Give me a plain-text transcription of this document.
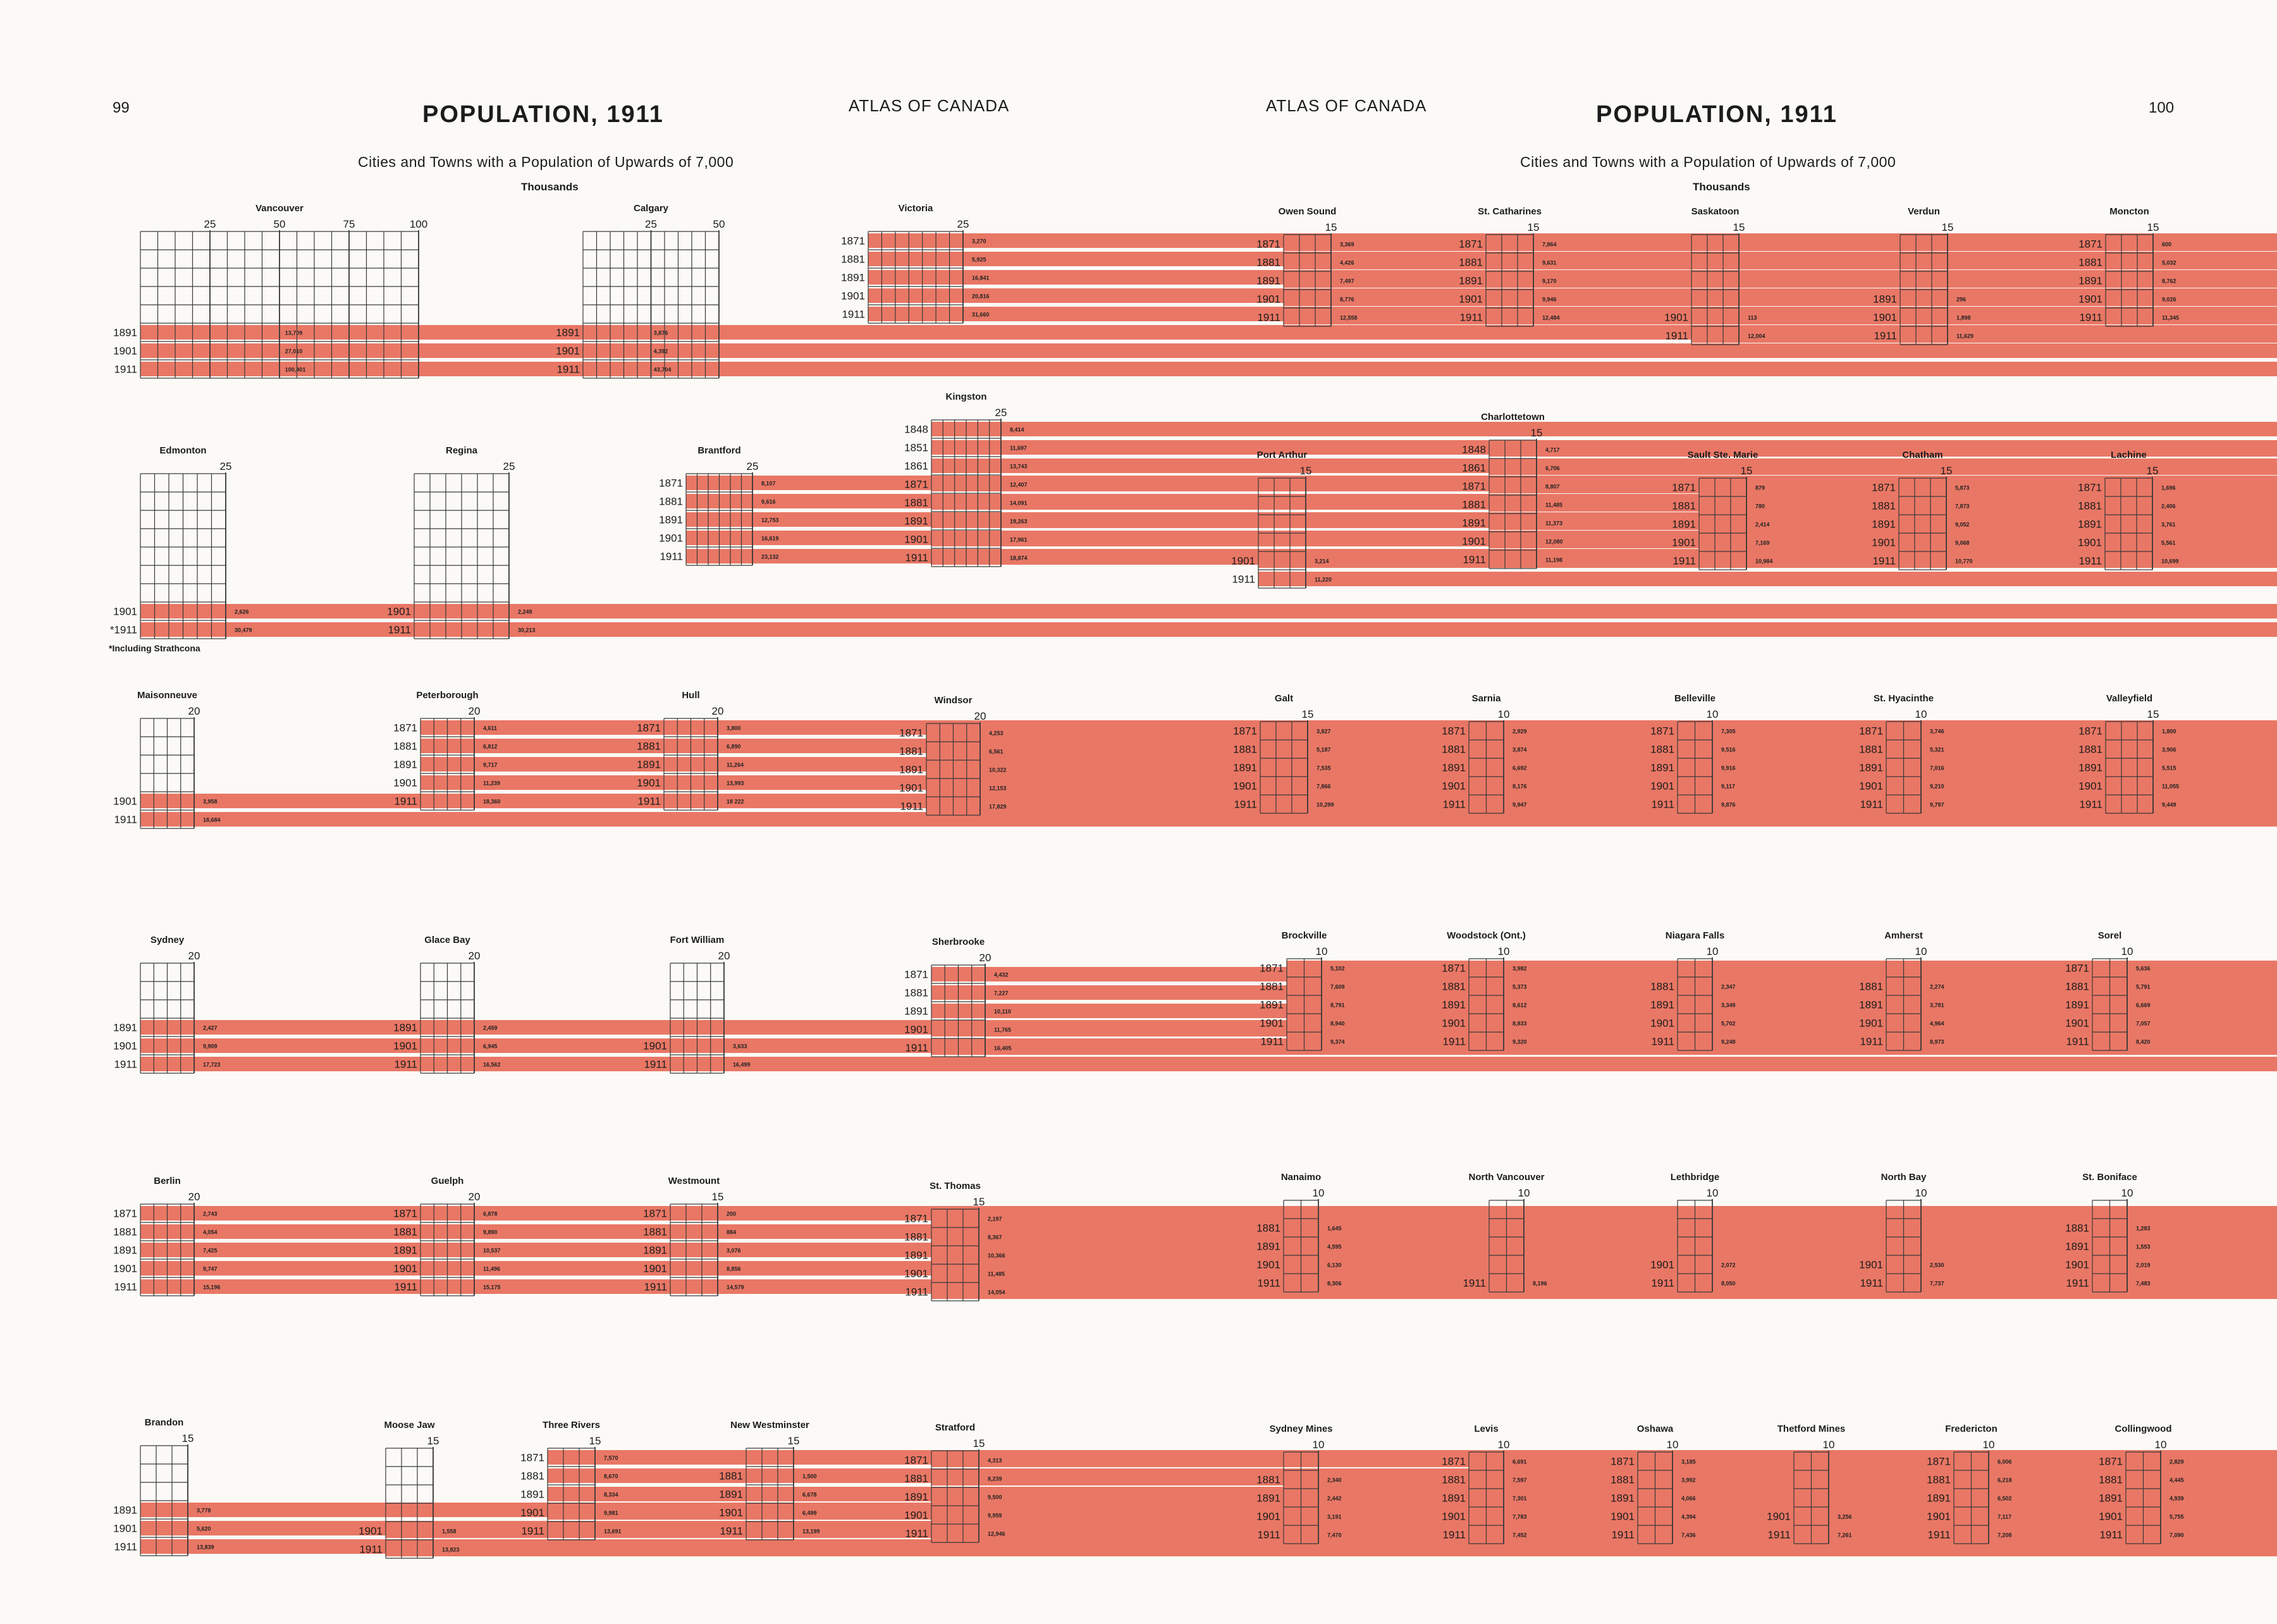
99	POPULATION, 1911	ATLAS OF CANADA
Cities and Towns with a Population of Upwards of 7,000
Thousands
ATLAS OF CANADA	POPULATION, 1911	100
Cities and Towns with a Population of Upwards of 7,000
Thousands
Vancouver
25	50	75	100
1891	13,709
1901	27,010
1911	100,401
Calgary
25	50
1891	3,876
1901	4,392
1911	43,704
Victoria
25
1871	3,270
1881	5,925
1891	16,841
1901	20,816
1911	31,660
Edmonton
25
1901	2,626
*1911	30,479
*Including Strathcona
Regina
25
1901	2,249
1911	30,213
Brantford
25
1871	8,107
1881	9,616
1891	12,753
1901	16,619
1911	23,132
Kingston
25
1848	8,414
1851	11,697
1861	13,743
1871	12,407
1881	14,091
1891	19,263
1901	17,961
1911	18,874
Maisonneuve
20
1901	3,958
1911	18,684
Peterborough
20
1871	4,611
1881	6,812
1891	9,717
1901	11,239
1911	18,360
Hull
20
1871	3,800
1881	6,890
1891	11,264
1901	13,993
1911	18 222
Windsor
20
1871	4,253
1881	6,561
1891	10,322
1901	12,153
1911	17,829
Sydney
20
1891	2,427
1901	9,909
1911	17,723
Glace Bay
20
1891	2,459
1901	6,945
1911	16,562
Fort William
20
1901	3,633
1911	16,499
Sherbrooke
20
1871	4,432
1881	7,227
1891	10,110
1901	11,765
1911	16,405
Berlin
20
1871	2,743
1881	4,054
1891	7,425
1901	9,747
1911	15,196
Guelph
20
1871	6,878
1881	9,890
1891	10,537
1901	11,496
1911	15,175
Westmount
15
1871	200
1881	884
1891	3,076
1901	8,856
1911	14,579
St. Thomas
15
1871	2,197
1881	8,367
1891	10,366
1901	11,485
1911	14,054
Brandon
15
1891	3,778
1901	5,620
1911	13,839
Moose Jaw
15
1901	1,558
1911	13,823
Three Rivers
15
1871	7,570
1881	8,670
1891	8,334
1901	9,981
1911	13,691
New Westminster
15
1881	1,500
1891	6,678
1901	6,499
1911	13,199
Stratford
15
1871	4,313
1881	8,239
1891	9,500
1901	9,959
1911	12,946
Owen Sound
15
1871	3,369
1881	4,426
1891	7,497
1901	8,776
1911	12,558
St. Catharines
15
1871	7,864
1881	9,631
1891	9,170
1901	9,946
1911	12,484
Saskatoon
15
1901	113
1911	12,004
Verdun
15
1891	296
1901	1,898
1911	11,629
Moncton
15
1871	600
1881	5,032
1891	8,762
1901	9,026
1911	11,345
Port Arthur
15
1901	3,214
1911	11,220
Charlottetown
15
1848	4,717
1861	6,706
1871	8,807
1881	11,485
1891	11,373
1901	12,080
1911	11,198
Sault Ste. Marie
15
1871	879
1881	780
1891	2,414
1901	7,169
1911	10,984
Chatham
15
1871	5,873
1881	7,873
1891	9,052
1901	9,068
1911	10,770
Lachine
15
1871	1,696
1881	2,406
1891	3,761
1901	5,561
1911	10,699
Galt
15
1871	3,827
1881	5,187
1891	7,535
1901	7,866
1911	10,299
Sarnia
10
1871	2,929
1881	3,874
1891	6,692
1901	8,176
1911	9,947
Belleville
10
1871	7,305
1881	9,516
1891	9,916
1901	9,117
1911	9,876
St. Hyacinthe
10
1871	3,746
1881	5,321
1891	7,016
1901	9,210
1911	9,797
Valleyfield
15
1871	1,800
1881	3,906
1891	5,515
1901	11,055
1911	9,449
Brockville
10
1871	5,102
1881	7,609
1891	8,791
1901	8,940
1911	9,374
Woodstock (Ont.)
10
1871	3,982
1881	5,373
1891	8,612
1901	8,833
1911	9,320
Niagara Falls
10
1881	2,347
1891	3,349
1901	5,702
1911	9,248
Amherst
10
1881	2,274
1891	3,781
1901	4,964
1911	8,973
Sorel
10
1871	5,636
1881	5,791
1891	6,669
1901	7,057
1911	8,420
Nanaimo
10
1881	1,645
1891	4,595
1901	6,130
1911	8,306
North Vancouver
10
1911	8,196
Lethbridge
10
1901	2,072
1911	8,050
North Bay
10
1901	2,530
1911	7,737
St. Boniface
10
1881	1,283
1891	1,553
1901	2,019
1911	7,483
Sydney Mines
10
1881	2,340
1891	2,442
1901	3,191
1911	7,470
Levis
10
1871	6,691
1881	7,597
1891	7,301
1901	7,783
1911	7,452
Oshawa
10
1871	3,185
1881	3,992
1891	4,066
1901	4,394
1911	7,436
Thetford Mines
10
1901	3,256
1911	7,261
Fredericton
10
1871	6,006
1881	6,218
1891	6,502
1901	7,117
1911	7,208
Collingwood
10
1871	2,829
1881	4,445
1891	4,939
1901	5,755
1911	7,090
